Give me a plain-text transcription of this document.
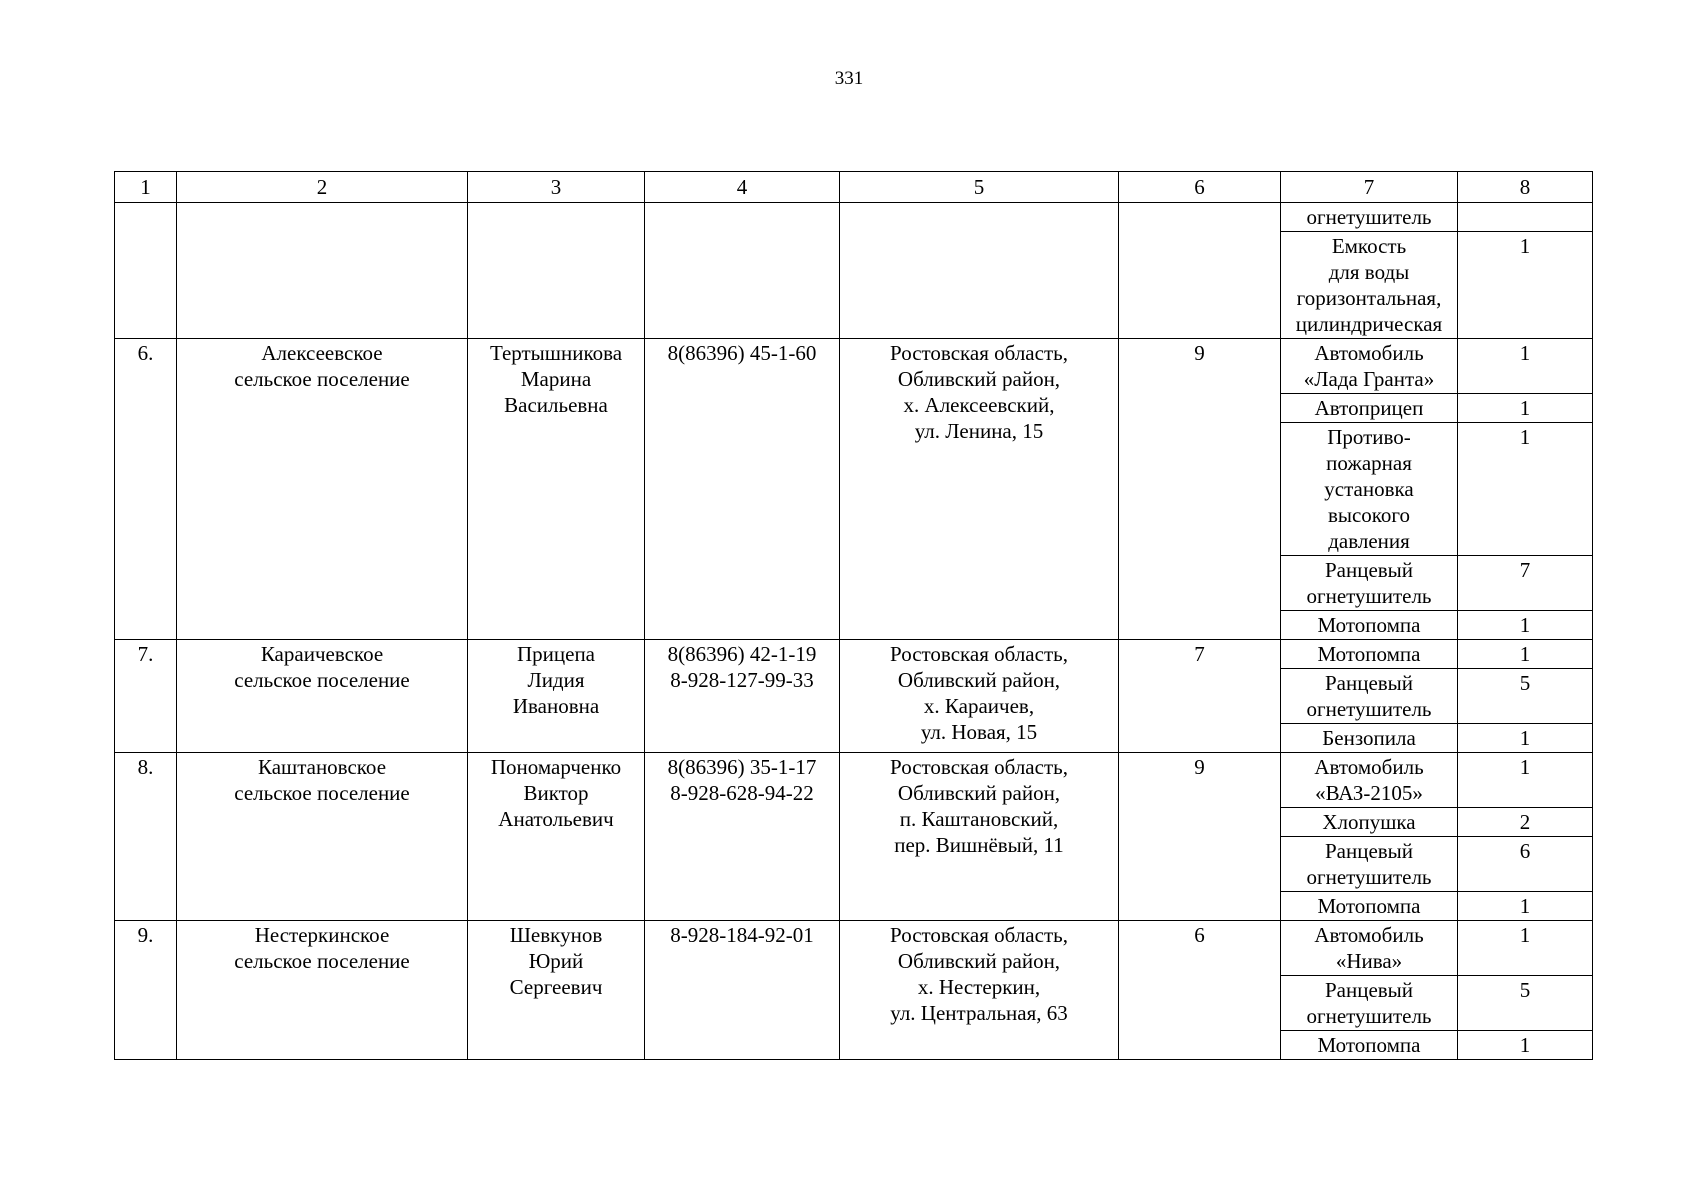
331
1	2	3	4	5	6	7	8
						огнетушитель	
						Емкость
для воды
горизонтальная,
цилиндрическая	1
6.	Алексеевское
сельское поселение	Тертышникова
Марина
Васильевна	8(86396) 45-1-60	Ростовская область,
Обливский район,
х. Алексеевский,
ул. Ленина, 15	9	Автомобиль
«Лада Гранта»	1
						Автоприцеп	1
						Противо-
пожарная
установка
высокого
давления	1
						Ранцевый
огнетушитель	7
						Мотопомпа	1
7.	Караичевское
сельское поселение	Прицепа
Лидия
Ивановна	8(86396) 42-1-19
8-928-127-99-33	Ростовская область,
Обливский район,
х. Караичев,
ул. Новая, 15	7	Мотопомпа	1
						Ранцевый
огнетушитель	5
						Бензопила	1
8.	Каштановское
сельское поселение	Пономарченко
Виктор
Анатольевич	8(86396) 35-1-17
8-928-628-94-22	Ростовская область,
Обливский район,
п. Каштановский,
пер. Вишнёвый, 11	9	Автомобиль
«ВАЗ-2105»	1
						Хлопушка	2
						Ранцевый
огнетушитель	6
						Мотопомпа	1
9.	Нестеркинское
сельское поселение	Шевкунов
Юрий
Сергеевич	8-928-184-92-01	Ростовская область,
Обливский район,
х. Нестеркин,
ул. Центральная, 63	6	Автомобиль
«Нива»	1
						Ранцевый
огнетушитель	5
						Мотопомпа	1
